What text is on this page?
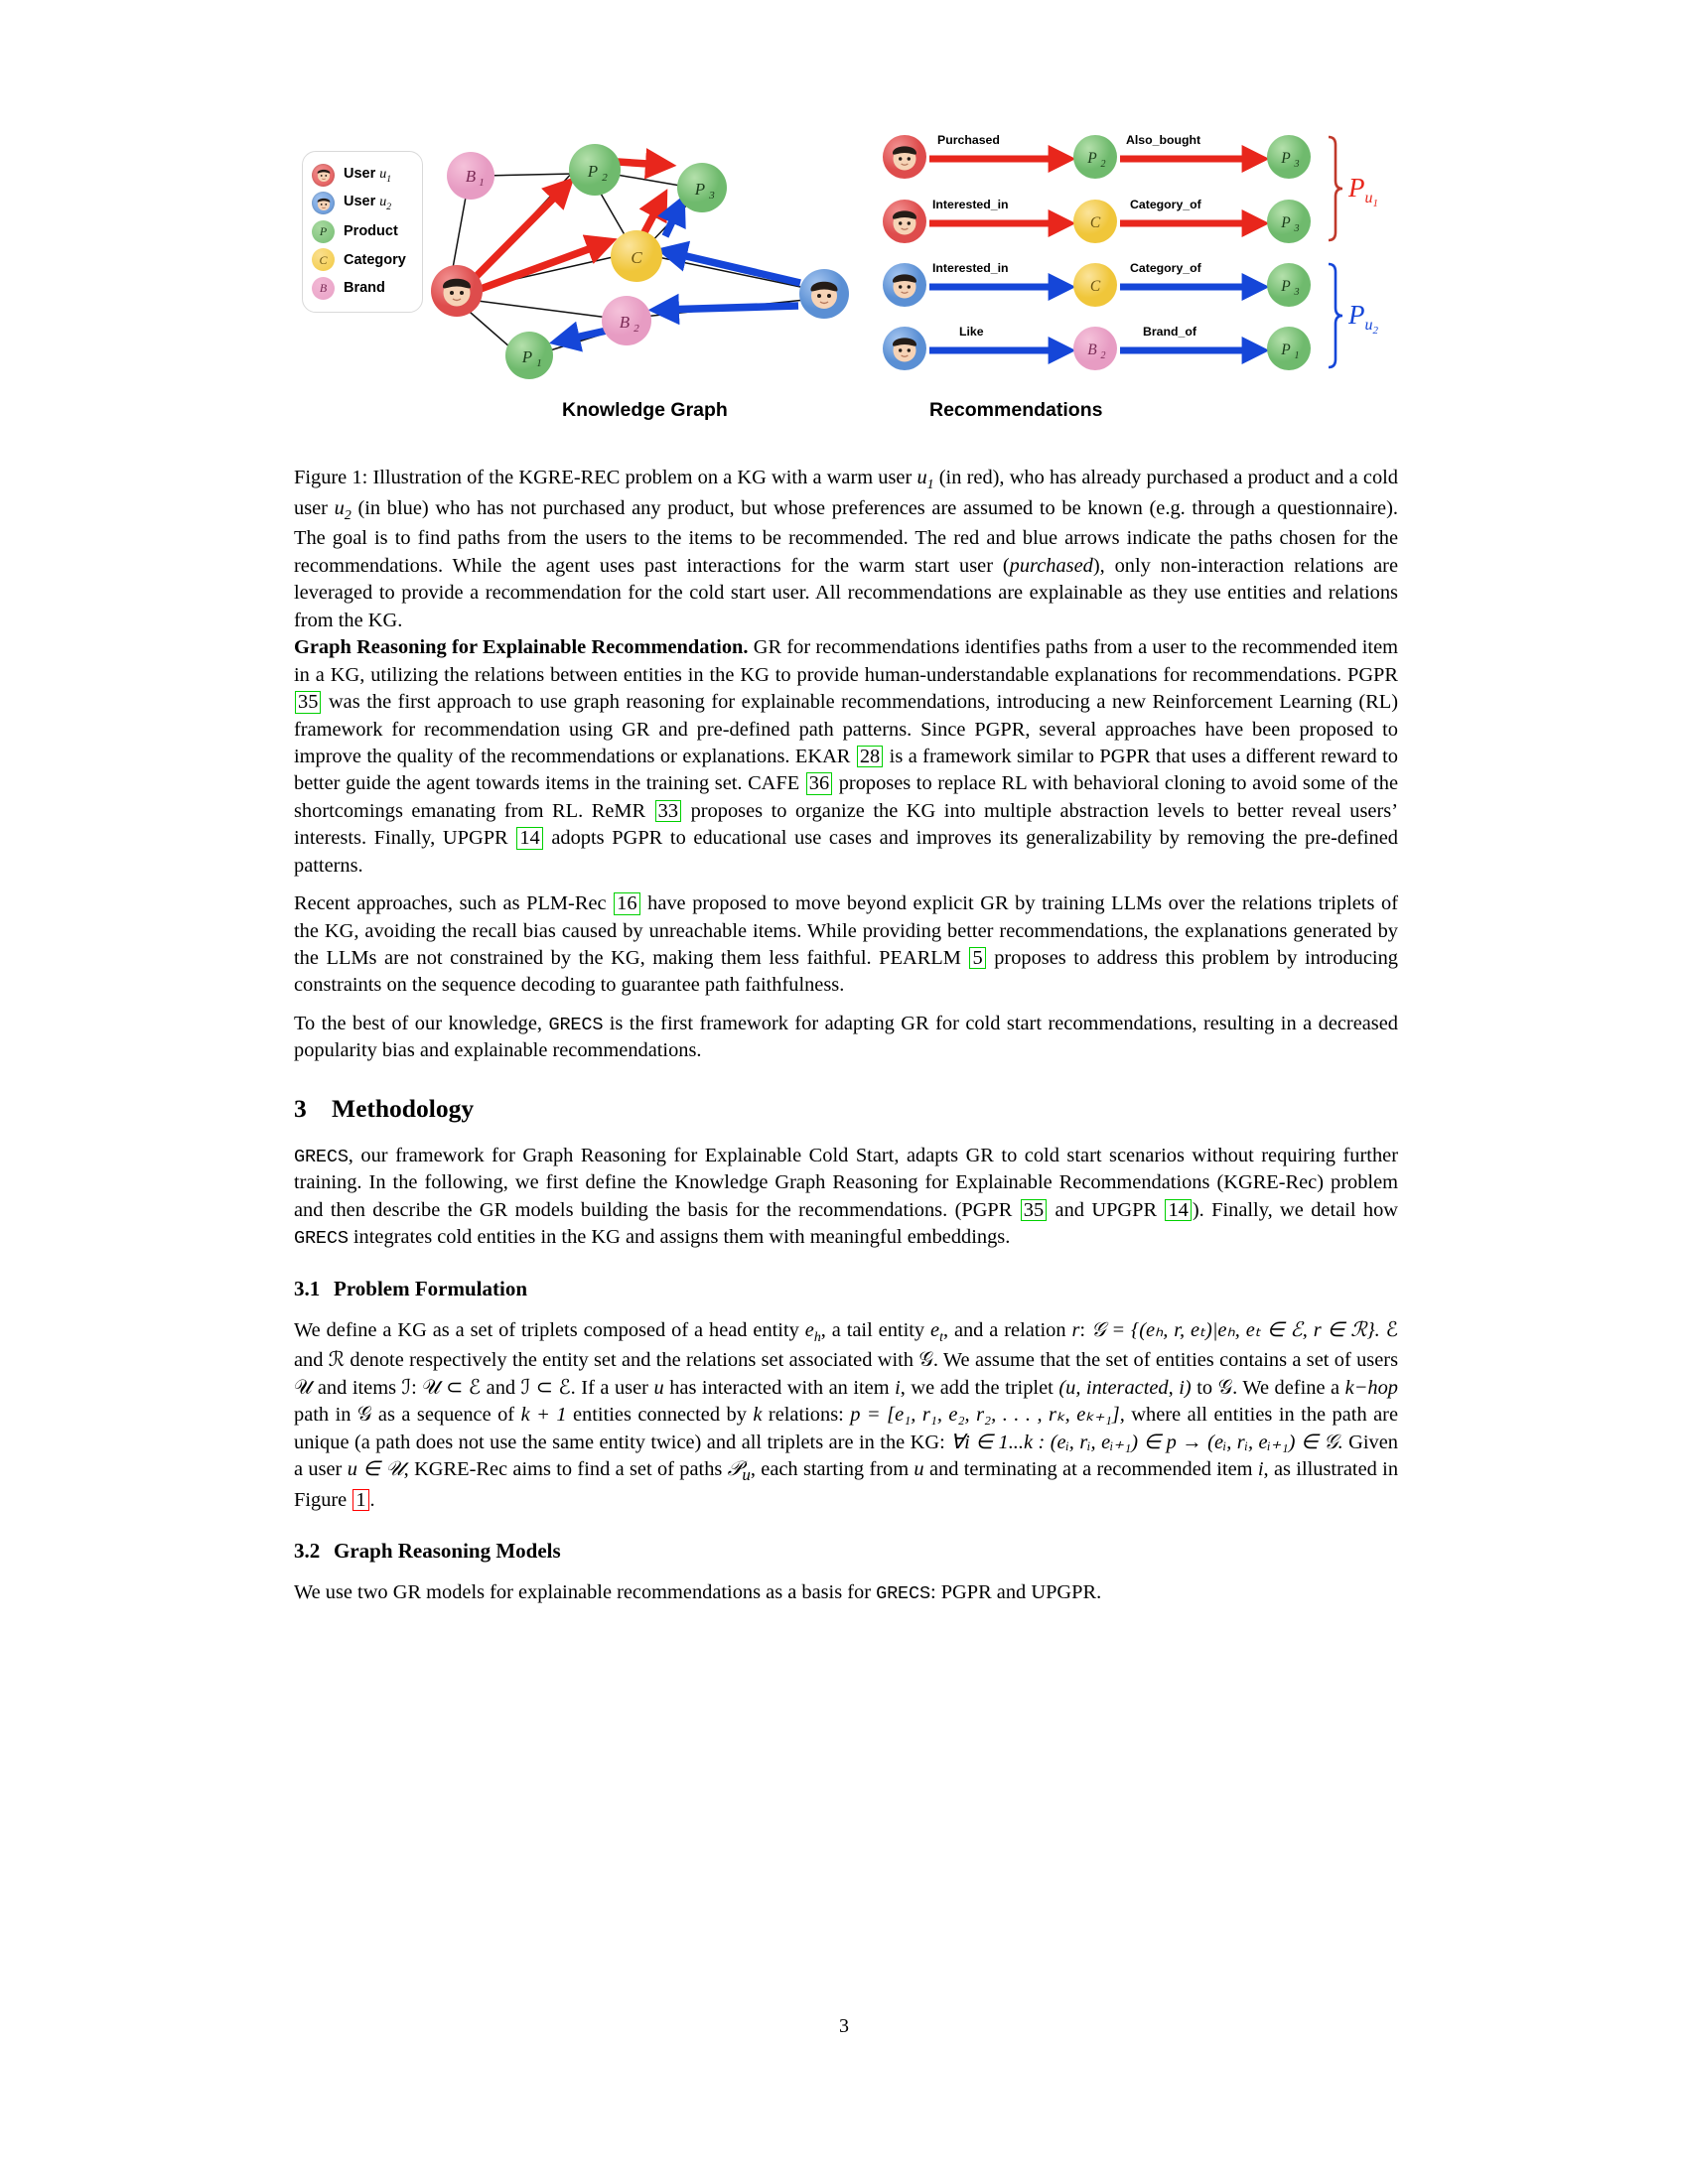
User $u_1$
User $u_2$
P Product
C Category
B Brand
B 1
P 2
P 3
C
B 2
P 1
Purchased
P 2
Also_bought
P 3
Interested_in
C
Category_of
P 3
Interested_in
C
Category_of
P 3
Like
B 2
Brand_of
P 1
$P_{u_1}$
$P_{u_2}$
Knowledge Graph	Recommendations
Figure 1: Illustration of the KGRE-REC problem on a KG with a warm user $u_1$ (in red), who has already purchased a product and a cold user $u_2$ (in blue) who has not purchased any product, but whose preferences are assumed to be known (e.g. through a questionnaire). The goal is to find paths from the users to the items to be recommended. The red and blue arrows indicate the paths chosen for the recommendations. While the agent uses past interactions for the warm start user (purchased), only non-interaction relations are leveraged to provide a recommendation for the cold start user. All recommendations are explainable as they use entities and relations from the KG.

Graph Reasoning for Explainable Recommendation. GR for recommendations identifies paths from a user to the recommended item in a KG, utilizing the relations between entities in the KG to provide human-understandable explanations for recommendations. PGPR 35 was the first approach to use graph reasoning for explainable recommendations, introducing a new Reinforcement Learning (RL) framework for recommendation using GR and pre-defined path patterns. Since PGPR, several approaches have been proposed to improve the quality of the recommendations or explanations. EKAR 28 is a framework similar to PGPR that uses a different reward to better guide the agent towards items in the training set. CAFE 36 proposes to replace RL with behavioral cloning to avoid some of the shortcomings emanating from RL. ReMR 33 proposes to organize the KG into multiple abstraction levels to better reveal users’ interests. Finally, UPGPR 14 adopts PGPR to educational use cases and improves its generalizability by removing the pre-defined patterns.

Recent approaches, such as PLM-Rec 16 have proposed to move beyond explicit GR by training LLMs over the relations triplets of the KG, avoiding the recall bias caused by unreachable items. While providing better recommendations, the explanations generated by the LLMs are not constrained by the KG, making them less faithful. PEARLM 5 proposes to address this problem by introducing constraints on the sequence decoding to guarantee path faithfulness.

To the best of our knowledge, GRECS is the first framework for adapting GR for cold start recommendations, resulting in a decreased popularity bias and explainable recommendations.

3 Methodology

GRECS, our framework for Graph Reasoning for Explainable Cold Start, adapts GR to cold start scenarios without requiring further training. In the following, we first define the Knowledge Graph Reasoning for Explainable Recommendations (KGRE-Rec) problem and then describe the GR models building the basis for the recommendations. (PGPR 35 and UPGPR 14 ). Finally, we detail how GRECS integrates cold entities in the KG and assigns them with meaningful embeddings.

3.1 Problem Formulation

We define a KG as a set of triplets composed of a head entity $e_h$, a tail entity $e_t$, and a relation r: 𝒢 = {(eₕ, r, eₜ)|eₕ, eₜ ∈ ℰ, r ∈ ℛ}. ℰ and ℛ denote respectively the entity set and the relations set associated with 𝒢. We assume that the set of entities contains a set of users 𝒰 and items ℐ: 𝒰 ⊂ ℰ and ℐ ⊂ ℰ. If a user u has interacted with an item i, we add the triplet (u, interacted, i) to 𝒢. We define a k−hop path in 𝒢 as a sequence of k + 1 entities connected by k relations: p = [e₁, r₁, e₂, r₂, . . . , rₖ, eₖ₊₁], where all entities in the path are unique (a path does not use the same entity twice) and all triplets are in the KG: ∀i ∈ 1...k : (eᵢ, rᵢ, eᵢ₊₁) ∈ p → (eᵢ, rᵢ, eᵢ₊₁) ∈ 𝒢. Given a user u ∈ 𝒰, KGRE-Rec aims to find a set of paths 𝒫$_u$, each starting from u and terminating at a recommended item i, as illustrated in Figure 1 .

3.2 Graph Reasoning Models

We use two GR models for explainable recommendations as a basis for GRECS: PGPR and UPGPR.

3
